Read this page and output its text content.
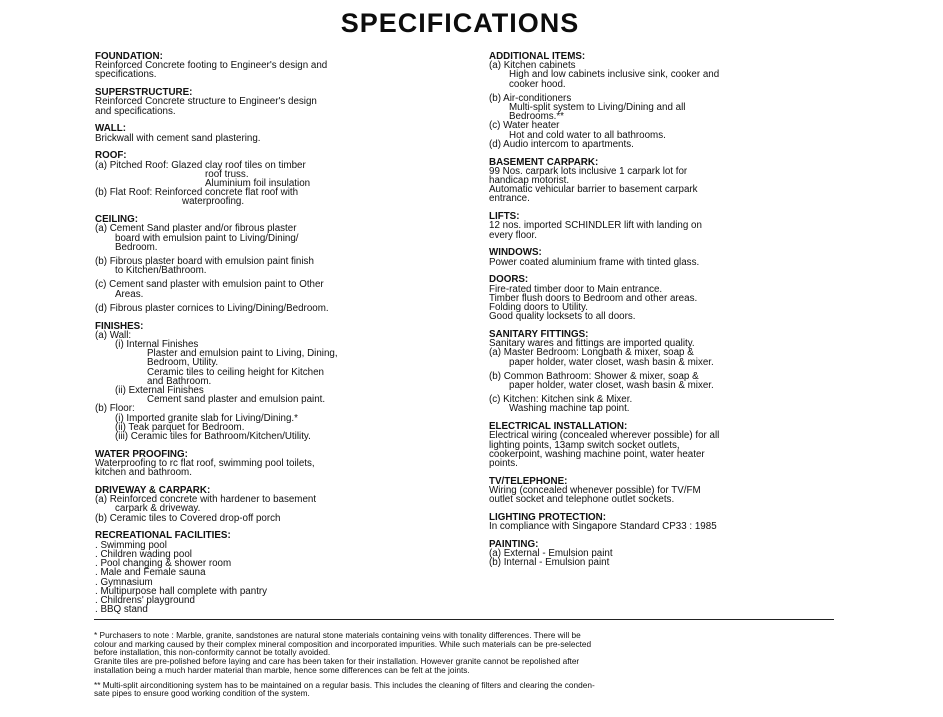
SPECIFICATIONS
FOUNDATION:
Reinforced Concrete footing to Engineer's design and
specifications.
SUPERSTRUCTURE:
Reinforced Concrete structure to Engineer's design
and specifications.
WALL:
Brickwall with cement sand plastering.
ROOF:
(a) Pitched Roof: Glazed clay roof tiles on timber
roof truss.
Aluminium foil insulation
(b) Flat Roof: Reinforced concrete flat roof with
waterproofing.
CEILING:
(a) Cement Sand plaster and/or fibrous plaster
board with emulsion paint to Living/Dining/
Bedroom.
(b) Fibrous plaster board with emulsion paint finish
to Kitchen/Bathroom.
(c) Cement sand plaster with emulsion paint to Other
Areas.
(d) Fibrous plaster cornices to Living/Dining/Bedroom.
FINISHES:
(a) Wall:
(i) Internal Finishes
Plaster and emulsion paint to Living, Dining,
Bedroom, Utility.
Ceramic tiles to ceiling height for Kitchen
and Bathroom.
(ii) External Finishes
Cement sand plaster and emulsion paint.
(b) Floor:
(i) Imported granite slab for Living/Dining.*
(ii) Teak parquet for Bedroom.
(iii) Ceramic tiles for Bathroom/Kitchen/Utility.
WATER PROOFING:
Waterproofing to rc flat roof, swimming pool toilets,
kitchen and bathroom.
DRIVEWAY & CARPARK:
(a) Reinforced concrete with hardener to basement
carpark & driveway.
(b) Ceramic tiles to Covered drop-off porch
RECREATIONAL FACILITIES:
. Swimming pool
. Children wading pool
. Pool changing & shower room
. Male and Female sauna
. Gymnasium
. Multipurpose hall complete with pantry
. Childrens' playground
. BBQ stand
ADDITIONAL ITEMS:
(a) Kitchen cabinets
High and low cabinets inclusive sink, cooker and
cooker hood.
(b) Air-conditioners
Multi-split system to Living/Dining and all
Bedrooms.**
(c) Water heater
Hot and cold water to all bathrooms.
(d) Audio intercom to apartments.
BASEMENT CARPARK:
99 Nos. carpark lots inclusive 1 carpark lot for
handicap motorist.
Automatic vehicular barrier to basement carpark
entrance.
LIFTS:
12 nos. imported SCHINDLER lift with landing on
every floor.
WINDOWS:
Power coated aluminium frame with tinted glass.
DOORS:
Fire-rated timber door to Main entrance.
Timber flush doors to Bedroom and other areas.
Folding doors to Utility.
Good quality locksets to all doors.
SANITARY FITTINGS:
Sanitary wares and fittings are imported quality.
(a) Master Bedroom: Longbath & mixer, soap &
paper holder, water closet, wash basin & mixer.
(b) Common Bathroom: Shower & mixer, soap &
paper holder, water closet, wash basin & mixer.
(c) Kitchen: Kitchen sink & Mixer.
Washing machine tap point.
ELECTRICAL INSTALLATION:
Electrical wiring (concealed wherever possible) for all
lighting points, 13amp switch socket outlets,
cookerpoint, washing machine point, water heater
points.
TV/TELEPHONE:
Wiring (concealed whenever possible) for TV/FM
outlet socket and telephone outlet sockets.
LIGHTING PROTECTION:
In compliance with Singapore Standard CP33 : 1985
PAINTING:
(a) External - Emulsion paint
(b) Internal - Emulsion paint
* Purchasers to note : Marble, granite, sandstones are natural stone materials containing veins with tonality differences. There will be
colour and marking caused by their complex mineral composition and incorporated impurities. While such materials can be pre-selected
before installation, this non-conformity cannot be totally avoided.
Granite tiles are pre-polished before laying and care has been taken for their installation. However granite cannot be repolished after
installation being a much harder material than marble, hence some differences can be felt at the joints.
** Multi-split airconditioning system has to be maintained on a regular basis. This includes the cleaning of filters and clearing the conden-
sate pipes to ensure good working condition of the system.
